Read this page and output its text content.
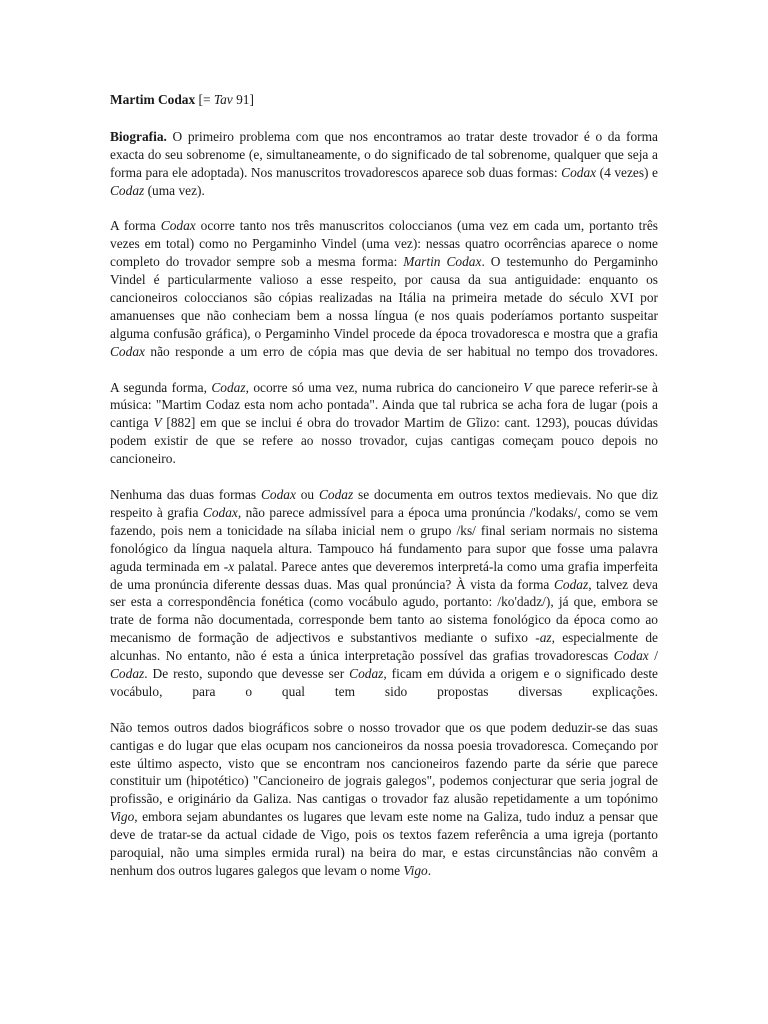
Martim Codax [= Tav 91]

Biografia. O primeiro problema com que nos encontramos ao tratar deste trovador é o da forma exacta do seu sobrenome (e, simultaneamente, o do significado de tal sobrenome, qualquer que seja a forma para ele adoptada). Nos manuscritos trovadorescos aparece sob duas formas: Codax (4 vezes) e Codaz (uma vez).

A forma Codax ocorre tanto nos três manuscritos coloccianos (uma vez em cada um, portanto três vezes em total) como no Pergaminho Vindel (uma vez): nessas quatro ocorrências aparece o nome completo do trovador sempre sob a mesma forma: Martin Codax. O testemunho do Pergaminho Vindel é particularmente valioso a esse respeito, por causa da sua antiguidade: enquanto os cancioneiros coloccianos são cópias realizadas na Itália na primeira metade do século XVI por amanuenses que não conheciam bem a nossa língua (e nos quais poderíamos portanto suspeitar alguma confusão gráfica), o Pergaminho Vindel procede da época trovadoresca e mostra que a grafia Codax não responde a um erro de cópia mas que devia de ser habitual no tempo dos trovadores.

A segunda forma, Codaz, ocorre só uma vez, numa rubrica do cancioneiro V que parece referir-se à música: "Martim Codaz esta nom acho pontada". Ainda que tal rubrica se acha fora de lugar (pois a cantiga V [882] em que se inclui é obra do trovador Martim de Gĩizo: cant. 1293), poucas dúvidas podem existir de que se refere ao nosso trovador, cujas cantigas começam pouco depois no cancioneiro.

Nenhuma das duas formas Codax ou Codaz se documenta em outros textos medievais. No que diz respeito à grafia Codax, não parece admissível para a época uma pronúncia /'kodaks/, como se vem fazendo, pois nem a tonicidade na sílaba inicial nem o grupo /ks/ final seriam normais no sistema fonológico da língua naquela altura. Tampouco há fundamento para supor que fosse uma palavra aguda terminada em -x palatal. Parece antes que deveremos interpretá-la como uma grafia imperfeita de uma pronúncia diferente dessas duas. Mas qual pronúncia? À vista da forma Codaz, talvez deva ser esta a correspondência fonética (como vocábulo agudo, portanto: /ko'dadz/), já que, embora se trate de forma não documentada, corresponde bem tanto ao sistema fonológico da época como ao mecanismo de formação de adjectivos e substantivos mediante o sufixo -az, especialmente de alcunhas. No entanto, não é esta a única interpretação possível das grafias trovadorescas Codax / Codaz. De resto, supondo que devesse ser Codaz, ficam em dúvida a origem e o significado deste vocábulo, para o qual tem sido propostas diversas explicações.

Não temos outros dados biográficos sobre o nosso trovador que os que podem deduzir-se das suas cantigas e do lugar que elas ocupam nos cancioneiros da nossa poesia trovadoresca. Começando por este último aspecto, visto que se encontram nos cancioneiros fazendo parte da série que parece constituir um (hipotético) "Cancioneiro de jograis galegos", podemos conjecturar que seria jogral de profissão, e originário da Galiza. Nas cantigas o trovador faz alusão repetidamente a um topónimo Vigo, embora sejam abundantes os lugares que levam este nome na Galiza, tudo induz a pensar que deve de tratar-se da actual cidade de Vigo, pois os textos fazem referência a uma igreja (portanto paroquial, não uma simples ermida rural) na beira do mar, e estas circunstâncias não convêm a nenhum dos outros lugares galegos que levam o nome Vigo.
